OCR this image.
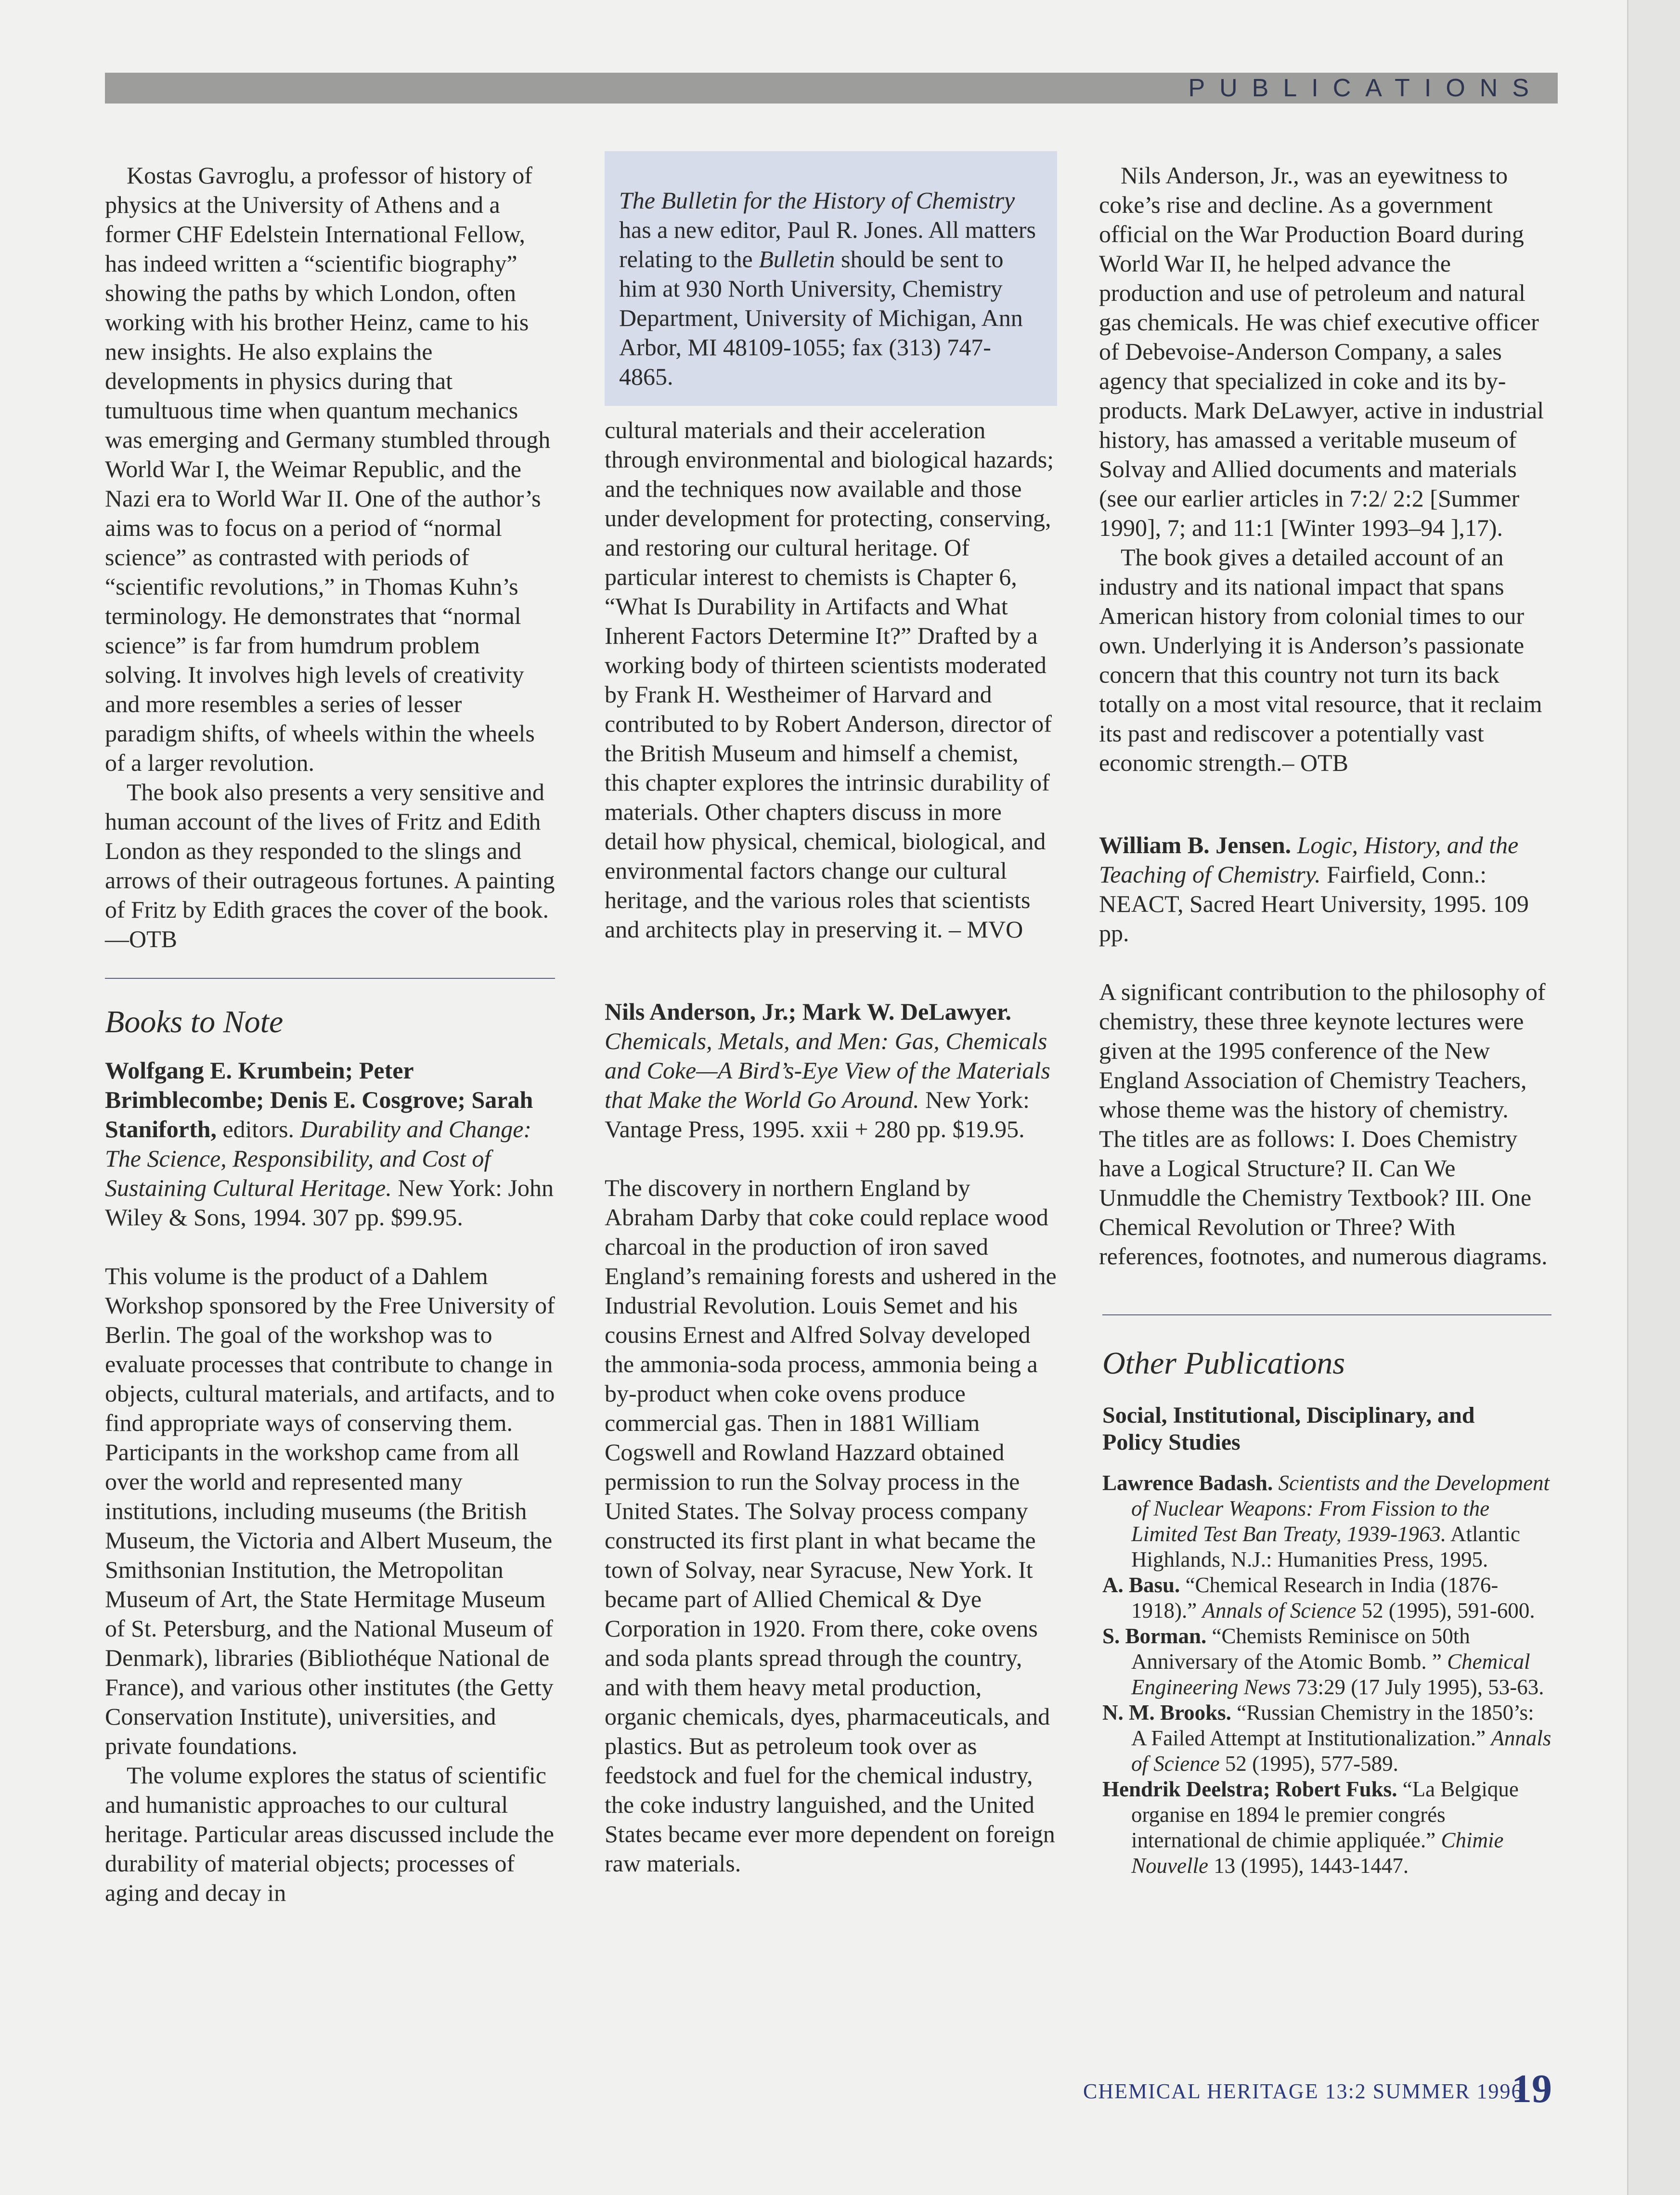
PUBLICATIONS

Kostas Gavroglu, a professor of history of physics at the University of Athens and a former CHF Edelstein International Fellow, has indeed written a “scientific biography” showing the paths by which London, often working with his brother Heinz, came to his new insights. He also explains the developments in physics during that tumultuous time when quantum mechanics was emerging and Germany stumbled through World War I, the Weimar Republic, and the Nazi era to World War II. One of the author’s aims was to focus on a period of “normal science” as contrasted with periods of “scientific revolutions,” in Thomas Kuhn’s terminology. He demonstrates that “normal science” is far from humdrum problem solving. It involves high levels of creativity and more resembles a series of lesser paradigm shifts, of wheels within the wheels of a larger revolution.

The book also presents a very sensitive and human account of the lives of Fritz and Edith London as they responded to the slings and arrows of their outrageous fortunes. A painting of Fritz by Edith graces the cover of the book.—OTB

Books to Note
Wolfgang E. Krumbein; Peter Brimblecombe; Denis E. Cosgrove; Sarah Staniforth, editors. Durability and Change: The Science, Responsibility, and Cost of Sustaining Cultural Heritage. New York: John Wiley & Sons, 1994. 307 pp. $99.95.

This volume is the product of a Dahlem Workshop sponsored by the Free University of Berlin. The goal of the workshop was to evaluate processes that contribute to change in objects, cultural materials, and artifacts, and to find appropriate ways of conserving them. Participants in the workshop came from all over the world and represented many institutions, including museums (the British Museum, the Victoria and Albert Museum, the Smithsonian Institution, the Metropolitan Museum of Art, the State Hermitage Museum of St. Petersburg, and the National Museum of Denmark), libraries (Bibliothéque National de France), and various other institutes (the Getty Conservation Institute), universities, and private foundations.

The volume explores the status of scientific and humanistic approaches to our cultural heritage. Particular areas discussed include the durability of material objects; processes of aging and decay in

The Bulletin for the History of Chemistry has a new editor, Paul R. Jones. All matters relating to the Bulletin should be sent to him at 930 North University, Chemistry Department, University of Michigan, Ann Arbor, MI 48109-1055; fax (313) 747-4865.

cultural materials and their acceleration through environmental and biological hazards; and the techniques now available and those under development for protecting, conserving, and restoring our cultural heritage. Of particular interest to chemists is Chapter 6, “What Is Durability in Artifacts and What Inherent Factors Determine It?” Drafted by a working body of thirteen scientists moderated by Frank H. Westheimer of Harvard and contributed to by Robert Anderson, director of the British Museum and himself a chemist, this chapter explores the intrinsic durability of materials. Other chapters discuss in more detail how physical, chemical, biological, and environmental factors change our cultural heritage, and the various roles that scientists and architects play in preserving it. – MVO

Nils Anderson, Jr.; Mark W. DeLawyer. Chemicals, Metals, and Men: Gas, Chemicals and Coke—A Bird’s-Eye View of the Materials that Make the World Go Around. New York: Vantage Press, 1995. xxii + 280 pp. $19.95.

The discovery in northern England by Abraham Darby that coke could replace wood charcoal in the production of iron saved England’s remaining forests and ushered in the Industrial Revolution. Louis Semet and his cousins Ernest and Alfred Solvay developed the ammonia-soda process, ammonia being a by-product when coke ovens produce commercial gas. Then in 1881 William Cogswell and Rowland Hazzard obtained permission to run the Solvay process in the United States. The Solvay process company constructed its first plant in what became the town of Solvay, near Syracuse, New York. It became part of Allied Chemical & Dye Corporation in 1920. From there, coke ovens and soda plants spread through the country, and with them heavy metal production, organic chemicals, dyes, pharmaceuticals, and plastics. But as petroleum took over as feedstock and fuel for the chemical industry, the coke industry languished, and the United States became ever more dependent on foreign raw materials.

Nils Anderson, Jr., was an eyewitness to coke’s rise and decline. As a government official on the War Production Board during World War II, he helped advance the production and use of petroleum and natural gas chemicals. He was chief executive officer of Debevoise-Anderson Company, a sales agency that specialized in coke and its by-products. Mark DeLawyer, active in industrial history, has amassed a veritable museum of Solvay and Allied documents and materials (see our earlier articles in 7:2/ 2:2 [Summer 1990], 7; and 11:1 [Winter 1993–94 ],17).

The book gives a detailed account of an industry and its national impact that spans American history from colonial times to our own. Underlying it is Anderson’s passionate concern that this country not turn its back totally on a most vital resource, that it reclaim its past and rediscover a potentially vast economic strength.– OTB

William B. Jensen. Logic, History, and the Teaching of Chemistry. Fairfield, Conn.: NEACT, Sacred Heart University, 1995. 109 pp.

A significant contribution to the philosophy of chemistry, these three keynote lectures were given at the 1995 conference of the New England Association of Chemistry Teachers, whose theme was the history of chemistry. The titles are as follows: I. Does Chemistry have a Logical Structure? II. Can We Unmuddle the Chemistry Textbook? III. One Chemical Revolution or Three? With references, footnotes, and numerous diagrams.

Other Publications
Social, Institutional, Disciplinary, and Policy Studies

Lawrence Badash. Scientists and the Development of Nuclear Weapons: From Fission to the Limited Test Ban Treaty, 1939-1963. Atlantic Highlands, N.J.: Humanities Press, 1995.

A. Basu. “Chemical Research in India (1876-1918).” Annals of Science 52 (1995), 591-600.

S. Borman. “Chemists Reminisce on 50th Anniversary of the Atomic Bomb. ” Chemical Engineering News 73:29 (17 July 1995), 53-63.

N. M. Brooks. “Russian Chemistry in the 1850’s: A Failed Attempt at Institutionalization.” Annals of Science 52 (1995), 577-589.

Hendrik Deelstra; Robert Fuks. “La Belgique organise en 1894 le premier congrés international de chimie appliquée.” Chimie Nouvelle 13 (1995), 1443-1447.

CHEMICAL HERITAGE 13:2 SUMMER 1996
19
